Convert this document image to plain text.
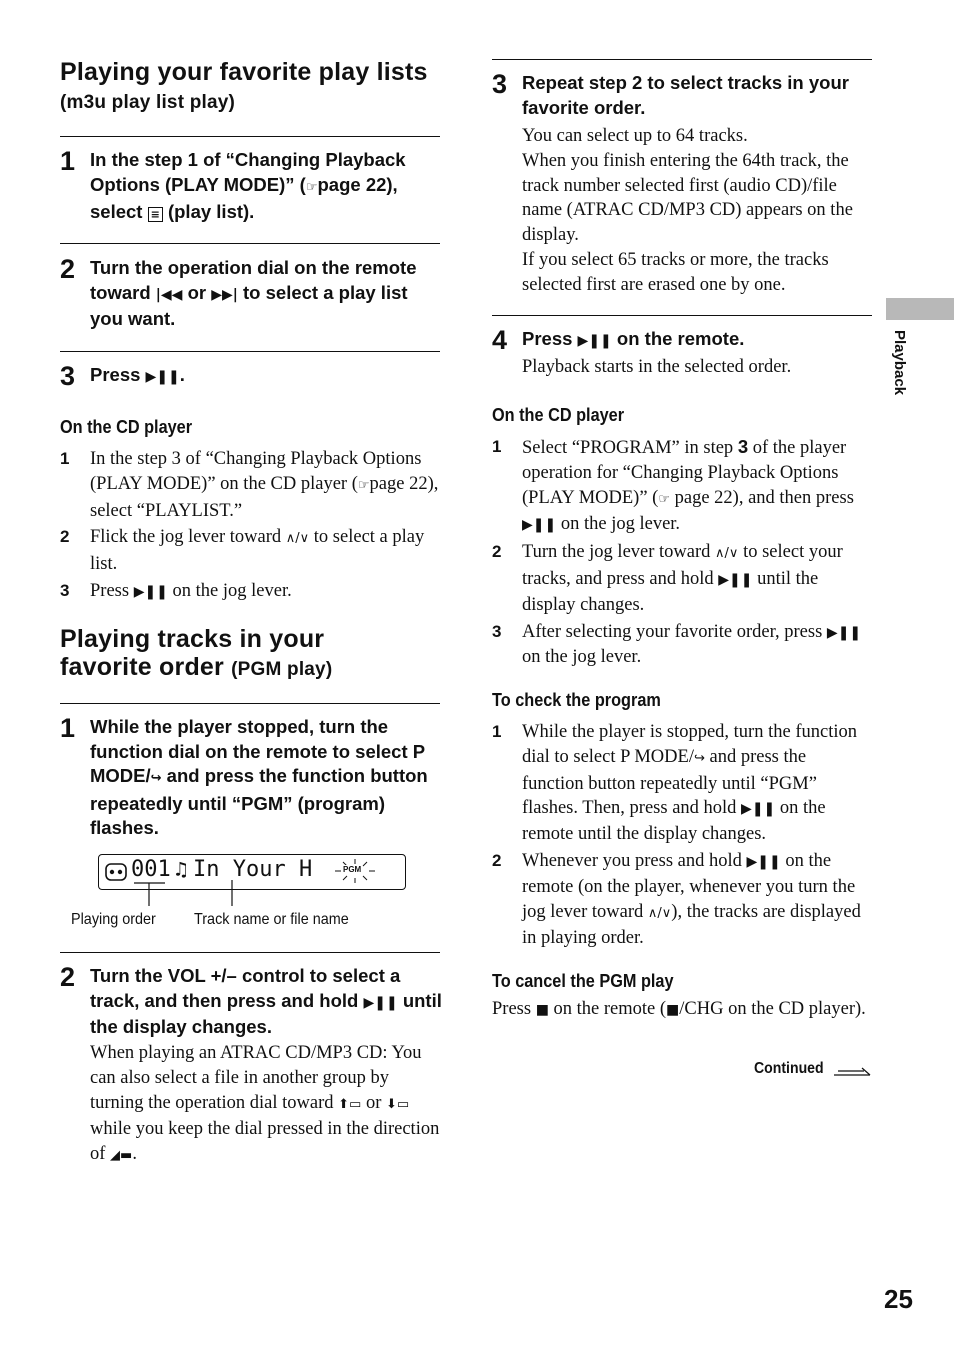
Playing your favorite play lists (m3u play list play)
1 In the step 1 of “Changing Playback Options (PLAY MODE)” (☞page 22), select ≡ (play list).
2 Turn the operation dial on the remote toward |◀◀ or ▶▶| to select a play list you want.
3 Press ▶❚❚.
On the CD player
1 In the step 3 of “Changing Playback Options (PLAY MODE)” on the CD player (☞page 22), select “PLAYLIST.”
2 Flick the jog lever toward ∧/∨ to select a play list.
3 Press ▶❚❚ on the jog lever.
Playing tracks in your
favorite order (PGM play)
1 While the player stopped, turn the function dial on the remote to select P MODE/↪ and press the function button repeatedly until “PGM” (program) flashes.
001 ♫ In Your H	PGM
Playing order Track name or file name
2 Turn the VOL +/– control to select a track, and then press and hold ▶❚❚ until the display changes.
When playing an ATRAC CD/MP3 CD: You can also select a file in another group by turning the operation dial toward ⬆▭ or ⬇▭ while you keep the dial pressed in the direction of ◢▬.
3 Repeat step 2 to select tracks in your favorite order.
You can select up to 64 tracks.
When you finish entering the 64th track, the track number selected first (audio CD)/file name (ATRAC CD/MP3 CD) appears on the display.
If you select 65 tracks or more, the tracks selected first are erased one by one.
4 Press ▶❚❚ on the remote.
Playback starts in the selected order.
On the CD player
1 Select “PROGRAM” in step 3 of the player operation for “Changing Playback Options (PLAY MODE)” (☞ page 22), and then press ▶❚❚ on the jog lever.
2 Turn the jog lever toward ∧/∨ to select your tracks, and press and hold ▶❚❚ until the display changes.
3 After selecting your favorite order, press ▶❚❚ on the jog lever.
To check the program
1 While the player is stopped, turn the function dial to select P MODE/↪ and press the function button repeatedly until “PGM” flashes. Then, press and hold ▶❚❚ on the remote until the display changes.
2 Whenever you press and hold ▶❚❚ on the remote (on the player, whenever you turn the jog lever toward ∧/∨), the tracks are displayed in playing order.
To cancel the PGM play
Press ■ on the remote (■/CHG on the CD player).
Continued
Playback
25
